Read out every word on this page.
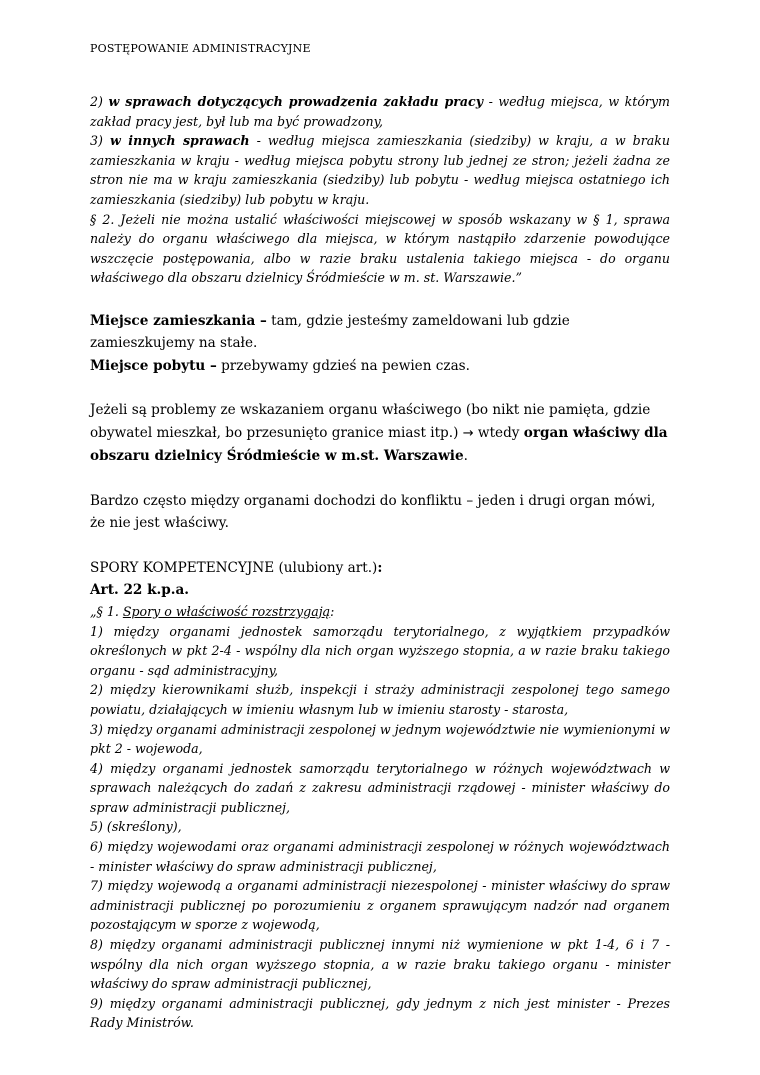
POSTĘPOWANIE ADMINISTRACYJNE

2) w sprawach dotyczących prowadzenia zakładu pracy - według miejsca, w którym zakład pracy jest, był lub ma być prowadzony,

3) w innych sprawach - według miejsca zamieszkania (siedziby) w kraju, a w braku zamieszkania w kraju - według miejsca pobytu strony lub jednej ze stron; jeżeli żadna ze stron nie ma w kraju zamieszkania (siedziby) lub pobytu - według miejsca ostatniego ich zamieszkania (siedziby) lub pobytu w kraju.

§ 2. Jeżeli nie można ustalić właściwości miejscowej w sposób wskazany w § 1, sprawa należy do organu właściwego dla miejsca, w którym nastąpiło zdarzenie powodujące wszczęcie postępowania, albo w razie braku ustalenia takiego miejsca - do organu właściwego dla obszaru dzielnicy Śródmieście w m. st. Warszawie.”

Miejsce zamieszkania – tam, gdzie jesteśmy zameldowani lub gdzie zamieszkujemy na stałe.

Miejsce pobytu – przebywamy gdzieś na pewien czas.

Jeżeli są problemy ze wskazaniem organu właściwego (bo nikt nie pamięta, gdzie obywatel mieszkał, bo przesunięto granice miast itp.) → wtedy organ właściwy dla obszaru dzielnicy Śródmieście w m.st. Warszawie.

Bardzo często między organami dochodzi do konfliktu – jeden i drugi organ mówi, że nie jest właściwy.

SPORY KOMPETENCYJNE (ulubiony art.):

Art. 22 k.p.a.

„§ 1. Spory o właściwość rozstrzygają:

1) między organami jednostek samorządu terytorialnego, z wyjątkiem przypadków określonych w pkt 2-4 - wspólny dla nich organ wyższego stopnia, a w razie braku takiego organu - sąd administracyjny,

2) między kierownikami służb, inspekcji i straży administracji zespolonej tego samego powiatu, działających w imieniu własnym lub w imieniu starosty - starosta,

3) między organami administracji zespolonej w jednym województwie nie wymienionymi w pkt 2 - wojewoda,

4) między organami jednostek samorządu terytorialnego w różnych województwach w sprawach należących do zadań z zakresu administracji rządowej - minister właściwy do spraw administracji publicznej,

5) (skreślony),

6) między wojewodami oraz organami administracji zespolonej w różnych województwach - minister właściwy do spraw administracji publicznej,

7) między wojewodą a organami administracji niezespolonej - minister właściwy do spraw administracji publicznej po porozumieniu z organem sprawującym nadzór nad organem pozostającym w sporze z wojewodą,

8) między organami administracji publicznej innymi niż wymienione w pkt 1-4, 6 i 7 - wspólny dla nich organ wyższego stopnia, a w razie braku takiego organu - minister właściwy do spraw administracji publicznej,

9) między organami administracji publicznej, gdy jednym z nich jest minister - Prezes Rady Ministrów.
